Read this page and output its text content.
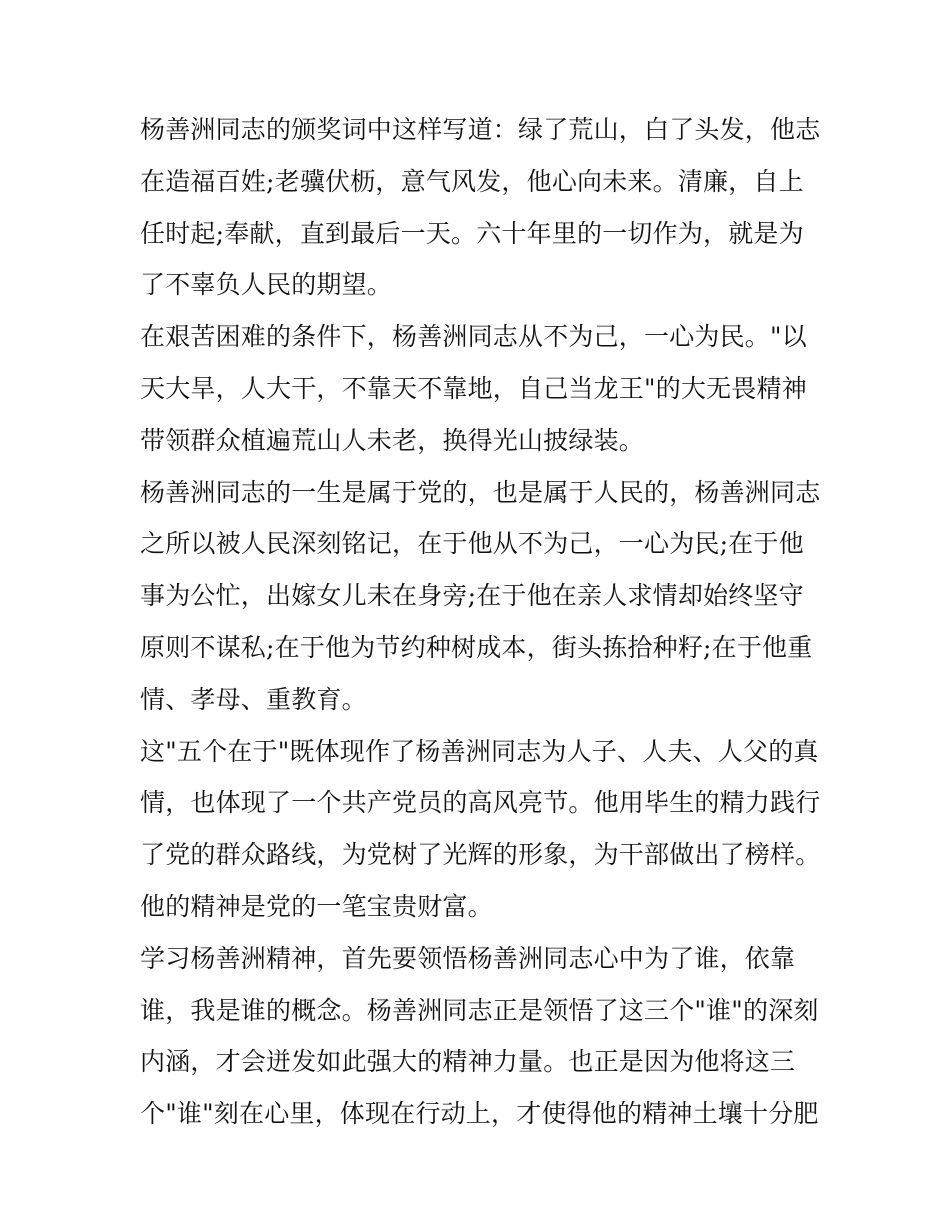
杨善洲同志的颁奖词中这样写道：绿了荒山，白了头发，他志
在造福百姓;老骥伏枥，意气风发，他心向未来。清廉，自上
任时起;奉献，直到最后一天。六十年里的一切作为，就是为
了不辜负人民的期望。
在艰苦困难的条件下，杨善洲同志从不为己，一心为民。"以
天大旱，人大干，不靠天不靠地，自己当龙王"的大无畏精神
带领群众植遍荒山人未老，换得光山披绿装。
杨善洲同志的一生是属于党的，也是属于人民的，杨善洲同志
之所以被人民深刻铭记，在于他从不为己，一心为民;在于他
事为公忙，出嫁女儿未在身旁;在于他在亲人求情却始终坚守
原则不谋私;在于他为节约种树成本，街头拣拾种籽;在于他重
情、孝母、重教育。
这"五个在于"既体现作了杨善洲同志为人子、人夫、人父的真
情，也体现了一个共产党员的高风亮节。他用毕生的精力践行
了党的群众路线，为党树了光辉的形象，为干部做出了榜样。
他的精神是党的一笔宝贵财富。
学习杨善洲精神，首先要领悟杨善洲同志心中为了谁，依靠
谁，我是谁的概念。杨善洲同志正是领悟了这三个"谁"的深刻
内涵，才会迸发如此强大的精神力量。也正是因为他将这三
个"谁"刻在心里，体现在行动上，才使得他的精神土壤十分肥
